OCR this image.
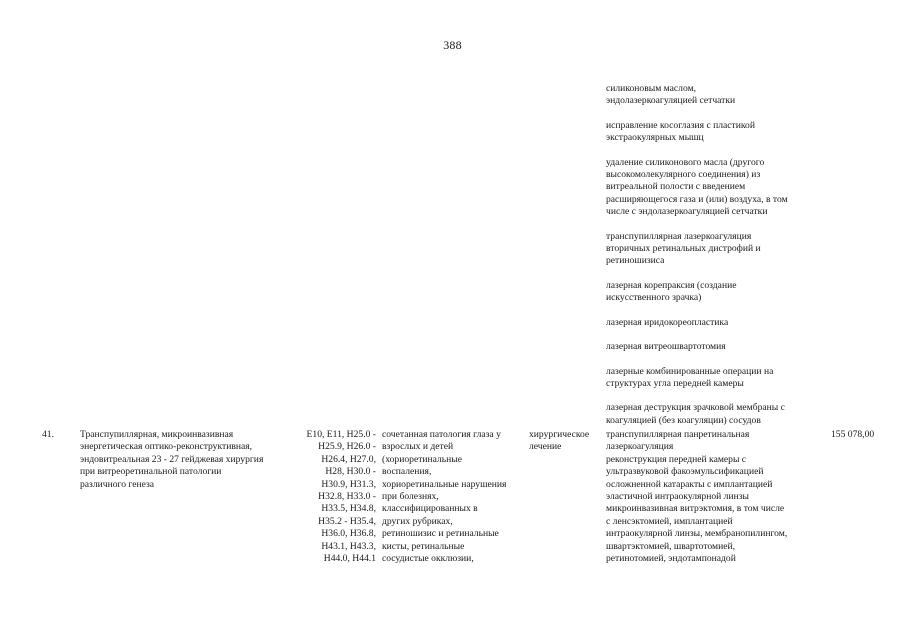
388

силиконовым маслом,
эндолазеркоагуляцией сетчатки

исправление косоглазия с пластикой
экстраокулярных мышц

удаление силиконового масла (другого
высокомолекулярного соединения) из
витреальной полости с введением
расширяющегося газа и (или) воздуха, в том
числе с эндолазеркоагуляцией сетчатки

транспупиллярная лазеркоагуляция
вторичных ретинальных дистрофий и
ретиношизиса

лазерная корепраксия (создание
искусственного зрачка)

лазерная иридокореопластика

лазерная витреошвартотомия

лазерные комбинированные операции на
структурах угла передней камеры

лазерная деструкция зрачковой мембраны с
коагуляцией (без коагуляции) сосудов

41.	Транспупиллярная, микроинвазивная
энергетическая оптико-реконструктивная,
эндовитреальная 23 - 27 гейджевая хирургия
при витреоретинальной патологии
различного генеза
E10, E11, H25.0 -
H25.9, H26.0 -
H26.4, H27.0,
H28, H30.0 -
H30.9, H31.3,
H32.8, H33.0 -
H33.5, H34.8,
H35.2 - H35.4,
H36.0, H36.8,
H43.1, H43.3,
H44.0, H44.1
сочетанная патология глаза у
взрослых и детей
(хориоретинальные
воспаления,
хориоретинальные нарушения
при болезнях,
классифицированных в
других рубриках,
ретиношизис и ретинальные
кисты, ретинальные
сосудистые окклюзии,
хирургическое
лечение
транспупиллярная панретинальная
лазеркоагуляция
реконструкция передней камеры с
ультразвуковой факоэмульсификацией
осложненной катаракты с имплантацией
эластичной интраокулярной линзы
микроинвазивная витрэктомия, в том числе
с ленсэктомией, имплантацией
интраокулярной линзы, мембранопилингом,
швартэктомией, швартотомией,
ретинотомией, эндотампонадой
155 078,00
